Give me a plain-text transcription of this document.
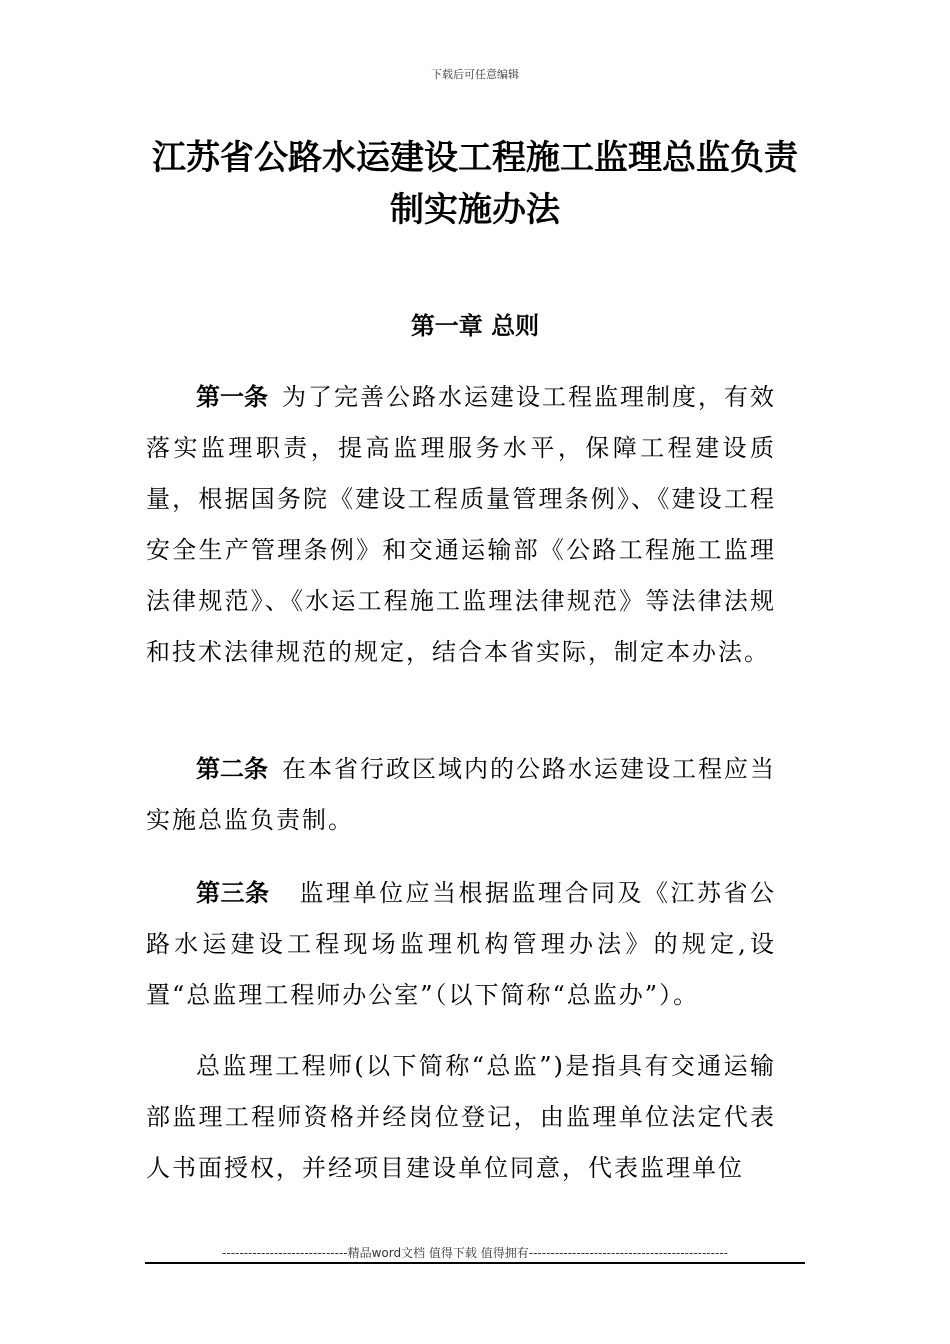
下载后可任意编辑
江苏省公路水运建设工程施工监理总监负责制实施办法
第一章 总则

第一条 为了完善公路水运建设工程监理制度，有效落实监理职责，提高监理服务水平，保障工程建设质量，根据国务院《建设工程质量管理条例》、《建设工程安全生产管理条例》和交通运输部《公路工程施工监理法律规范》、《水运工程施工监理法律规范》等法律法规和技术法律规范的规定，结合本省实际，制定本办法。

第二条 在本省行政区域内的公路水运建设工程应当实施总监负责制。

第三条 监理单位应当根据监理合同及《江苏省公路水运建设工程现场监理机构管理办法》的规定,设置“总监理工程师办公室”（以下简称“总监办”）。

总监理工程师(以下简称“总监”)是指具有交通运输部监理工程师资格并经岗位登记，由监理单位法定代表人书面授权，并经项目建设单位同意，代表监理单位

-----------------------------精品word文档 值得下载 值得拥有----------------------------------------------
